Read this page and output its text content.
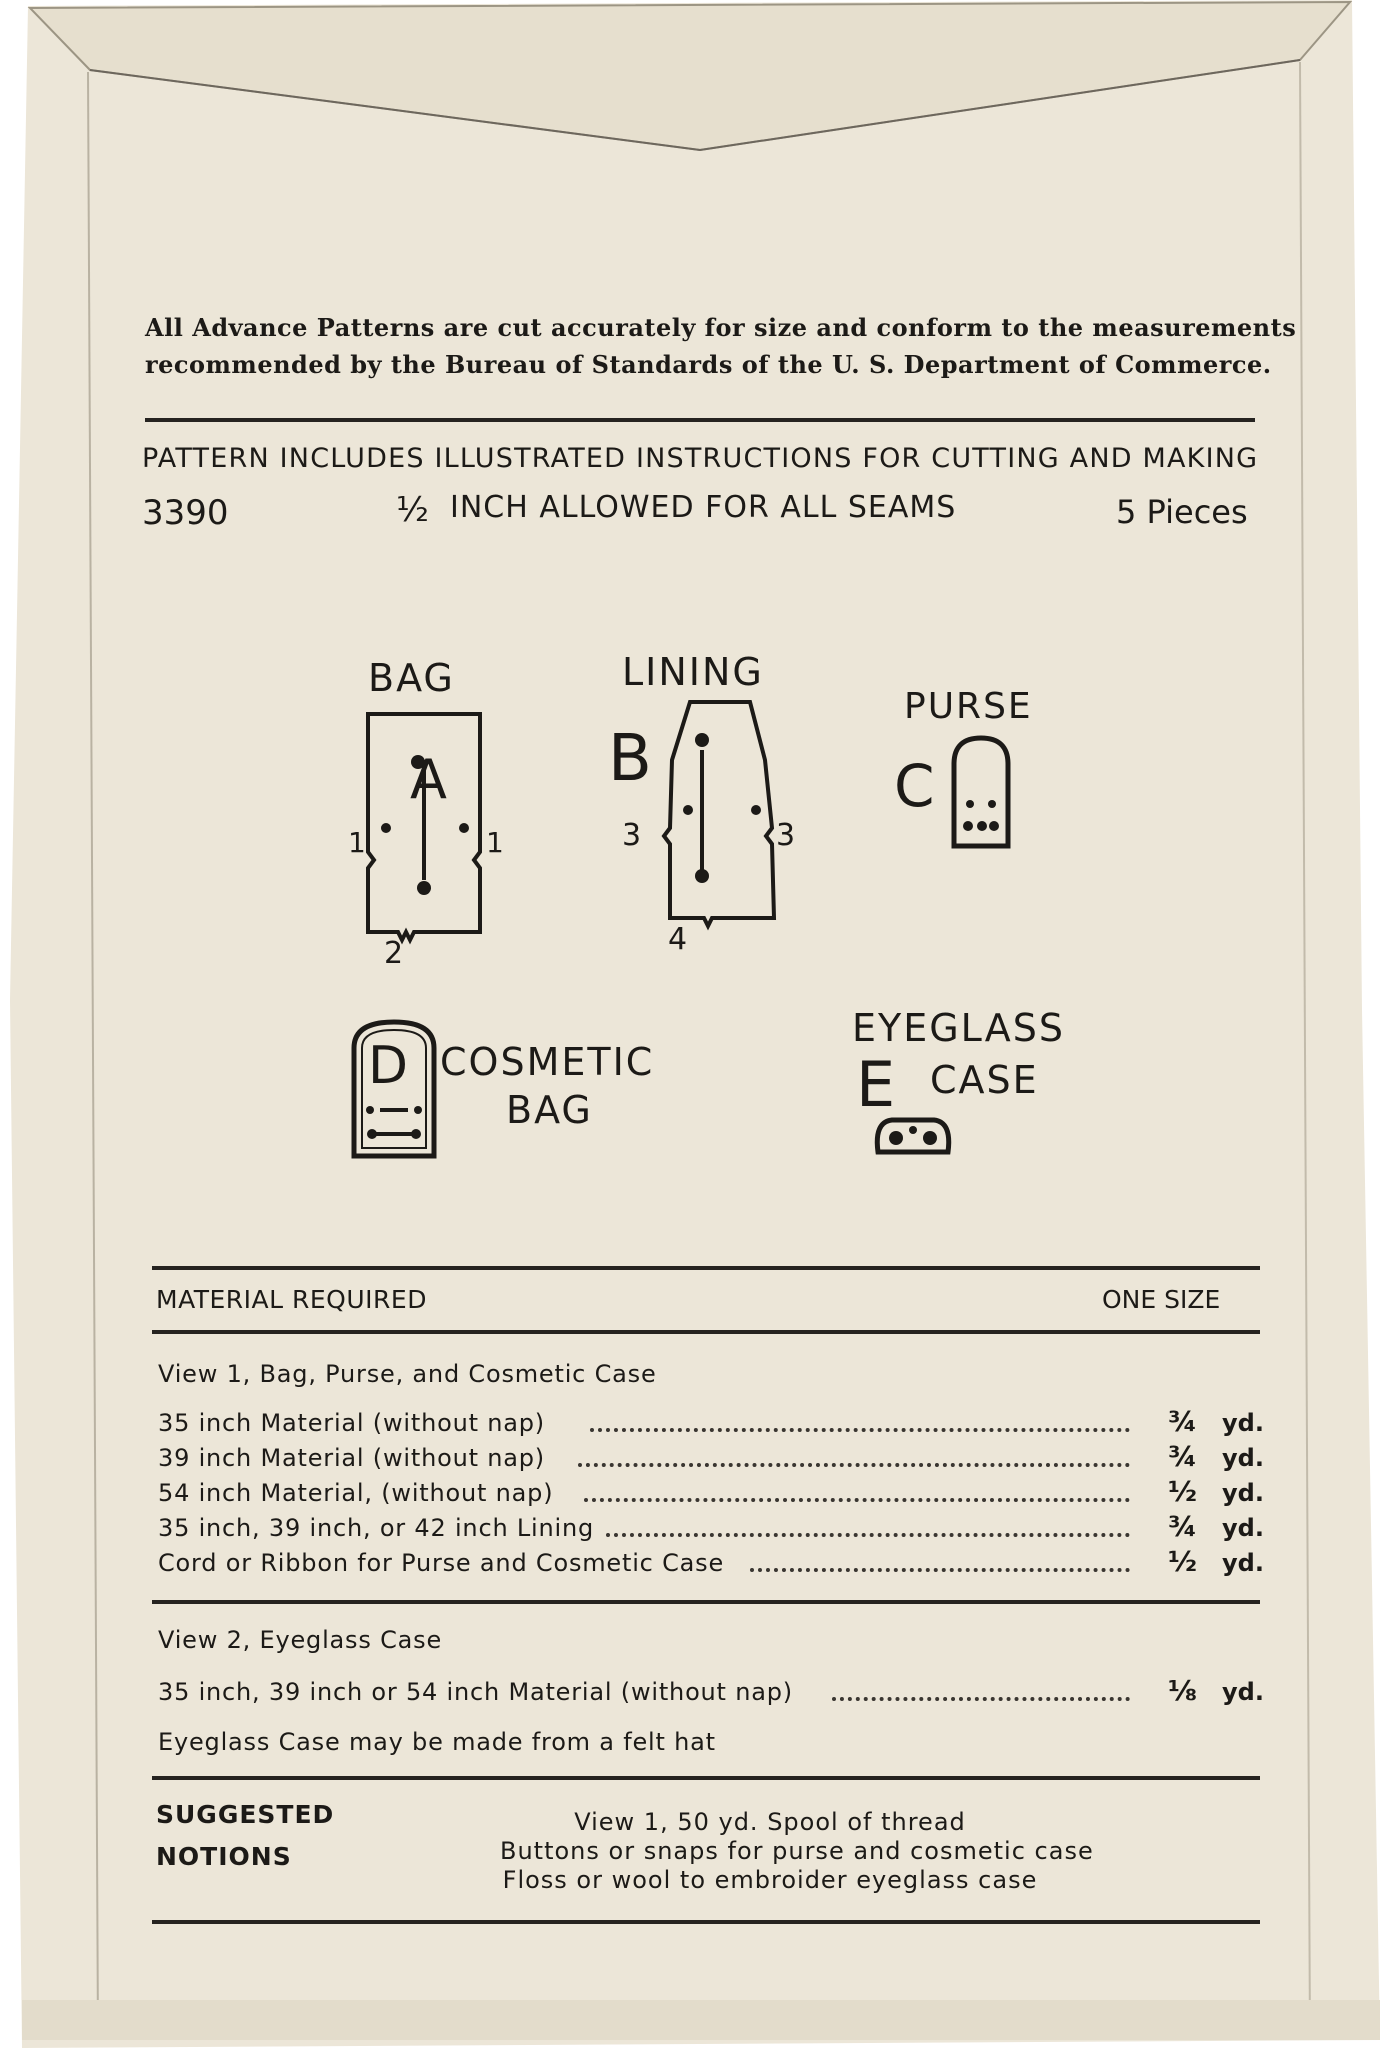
All Advance Patterns are cut accurately for size and conform to the measurements
recommended by the Bureau of Standards of the U. S. Department of Commerce.
PATTERN INCLUDES ILLUSTRATED INSTRUCTIONS FOR CUTTING AND MAKING
3390	½ INCH ALLOWED FOR ALL SEAMS	5 Pieces
BAG
A
1	1
2
LINING
B
3	3
4
PURSE
C
D COSMETIC
BAG
EYEGLASS
E CASE
MATERIAL REQUIRED	ONE SIZE
View 1, Bag, Purse, and Cosmetic Case
35 inch Material (without nap)	¾ yd.
39 inch Material (without nap)	¾ yd.
54 inch Material, (without nap)	½ yd.
35 inch, 39 inch, or 42 inch Lining	¾ yd.
Cord or Ribbon for Purse and Cosmetic Case	½ yd.
View 2, Eyeglass Case
35 inch, 39 inch or 54 inch Material (without nap)	⅛ yd.
Eyeglass Case may be made from a felt hat
SUGGESTED
NOTIONS
View 1, 50 yd. Spool of thread
Buttons or snaps for purse and cosmetic case
Floss or wool to embroider eyeglass case
